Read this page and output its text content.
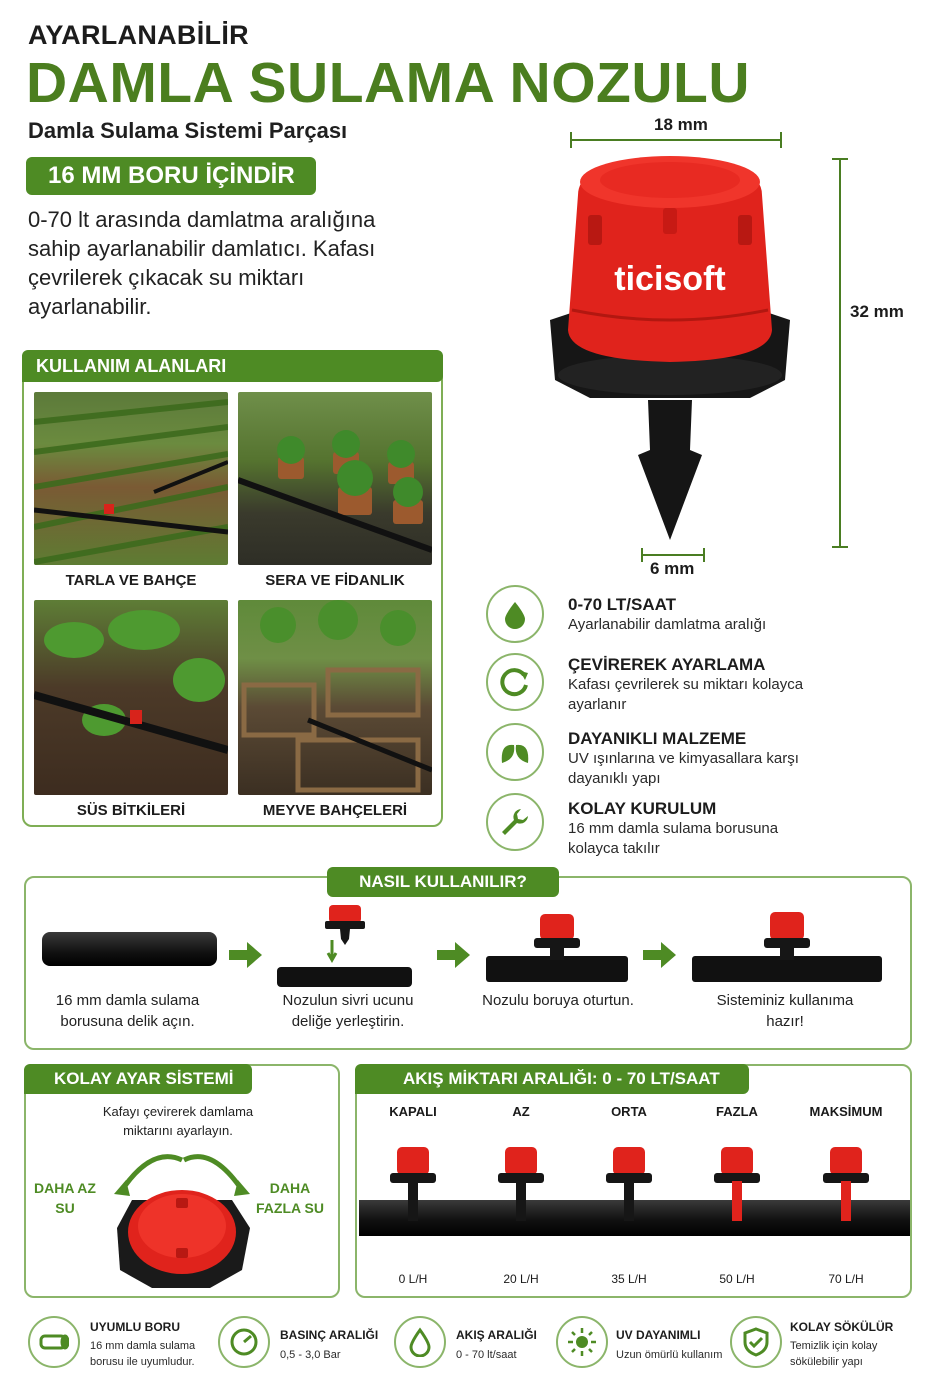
AYARLANABİLİR
DAMLA SULAMA NOZULU
Damla Sulama Sistemi Parçası
16 MM BORU İÇİNDİR
0-70 lt arasında damlatma aralığına sahip ayarlanabilir damlatıcı. Kafası çevrilerek çıkacak su miktarı ayarlanabilir.
ticisoft
18 mm
32 mm
6 mm
KULLANIM ALANLARI
TARLA VE BAHÇE	SERA VE FİDANLIK
SÜS BİTKİLERİ	MEYVE BAHÇELERİ
0-70 LT/SAAT
Ayarlanabilir damlatma aralığı
ÇEVİREREK AYARLAMA
Kafası çevrilerek su miktarı kolayca ayarlanır
DAYANIKLI MALZEME
UV ışınlarına ve kimyasallara karşı dayanıklı yapı
KOLAY KURULUM
16 mm damla sulama borusuna kolayca takılır
NASIL KULLANILIR?
16 mm damla sulama borusuna delik açın.
Nozulun sivri ucunu deliğe yerleştirin.
Nozulu boruya oturtun.	Sisteminiz kullanıma hazır!
KOLAY AYAR SİSTEMİ
Kafayı çevirerek damlama miktarını ayarlayın.
DAHA AZ SU
DAHA FAZLA SU
AKIŞ MİKTARI ARALIĞI: 0 - 70 LT/SAAT
KAPALI
0 L/H
AZ
20 L/H
ORTA
35 L/H
FAZLA
50 L/H
MAKSİMUM
70 L/H
UYUMLU BORU
16 mm damla sulama borusu ile uyumludur.
BASINÇ ARALIĞI
0,5 - 3,0 Bar
AKIŞ ARALIĞI
0 - 70 lt/saat
UV DAYANIMLI
Uzun ömürlü kullanım
KOLAY SÖKÜLÜR
Temizlik için kolay sökülebilir yapı
